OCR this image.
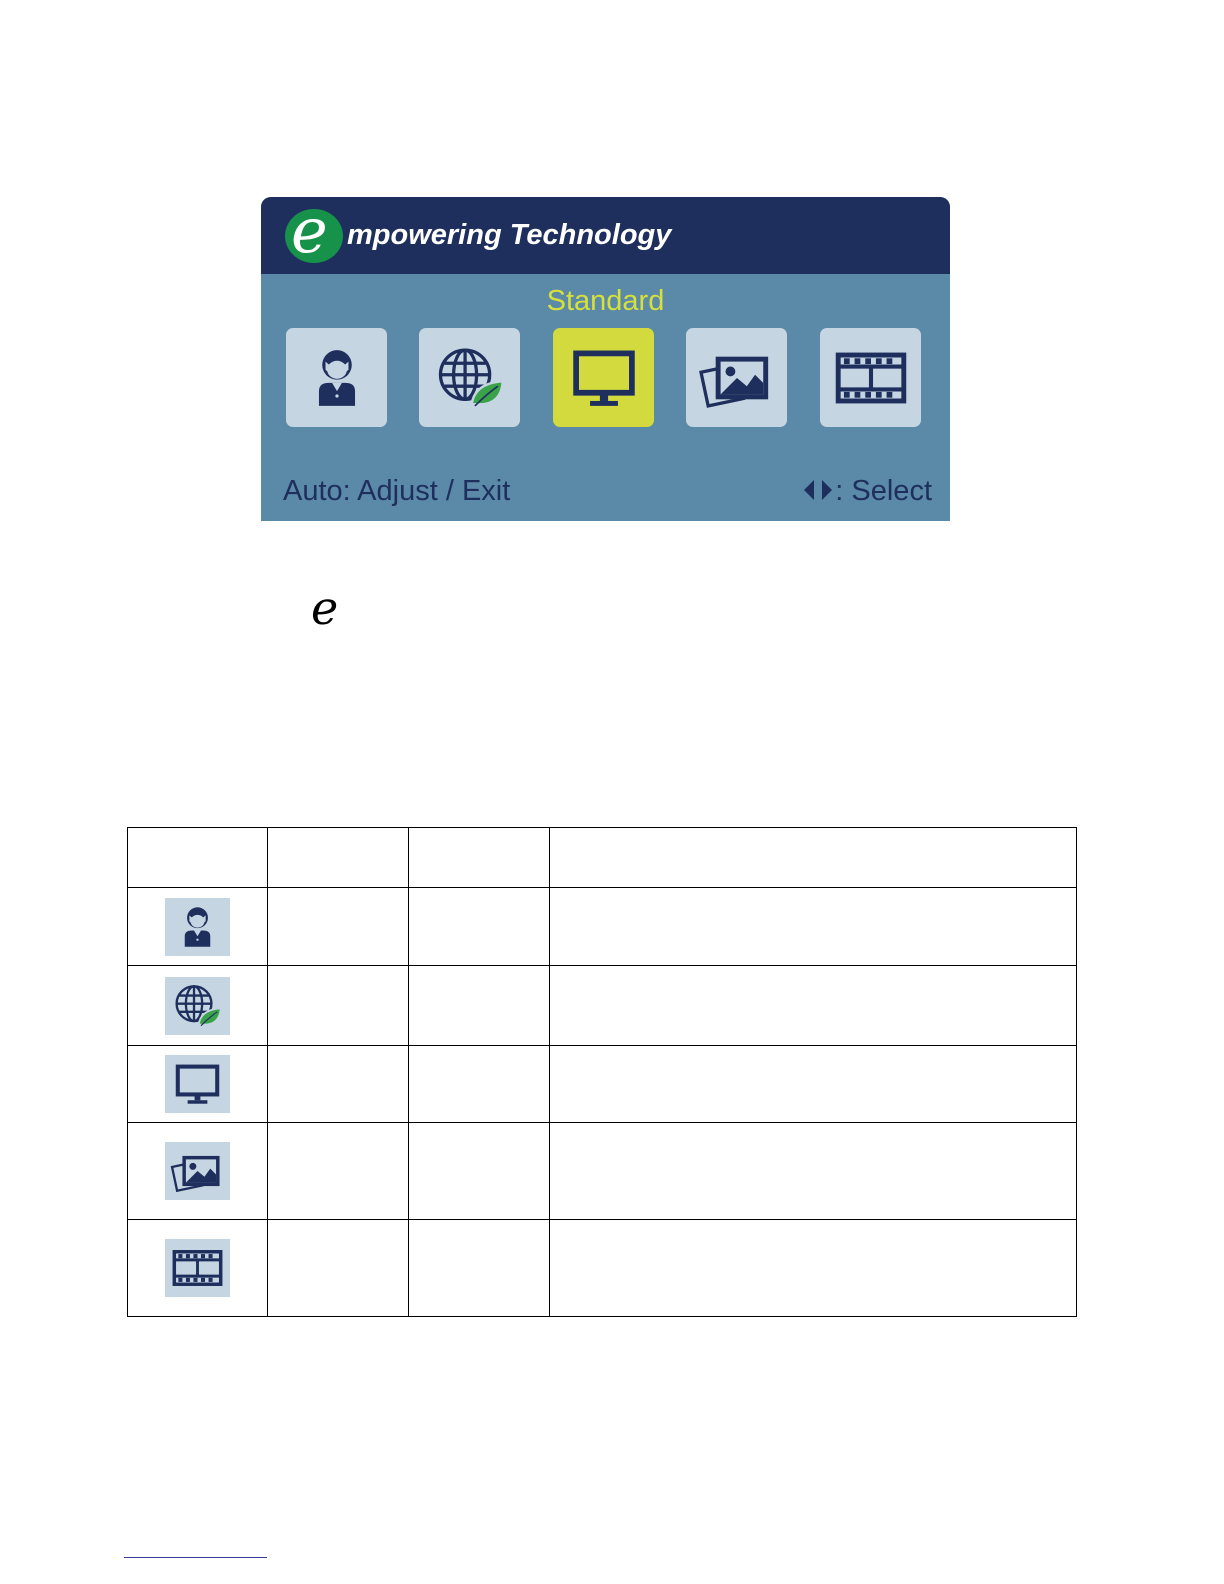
e mpowering Technology
Standard
Auto: Adjust / Exit	: Select
e
